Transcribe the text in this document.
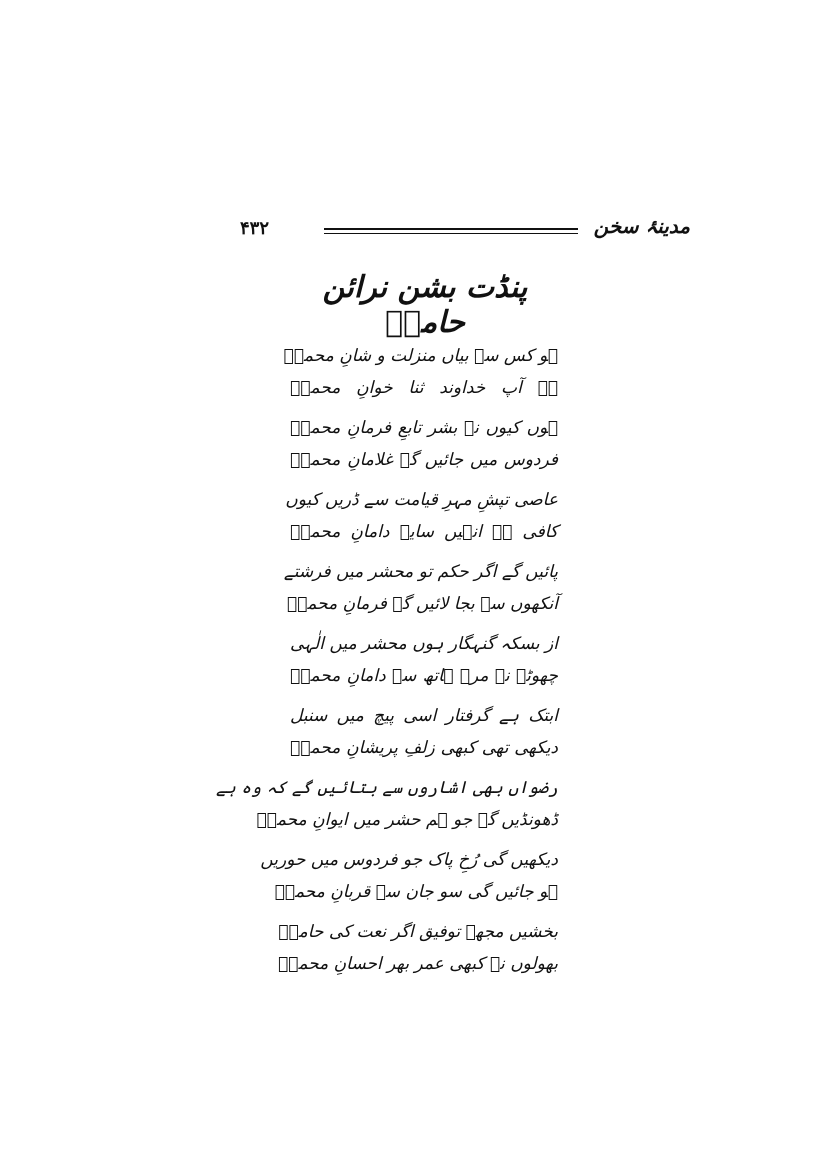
۴۳۲	مدینۂ سخن
پنڈت بشن نرائن حامیؔ
ہو کس سے بیاں منزلت و شانِ محمدؐ
ہے آپ خداوند ثنا خوانِ محمدؐ
ہوں کیوں نہ بشر تابعِ فرمانِ محمدؐ
فردوس میں جائیں گے غلامانِ محمدؐ
عاصی تپشِ مہرِ قیامت سے ڈریں کیوں
کافی ہے انہیں سایۂ دامانِ محمدؐ
پائیں گے اگر حکم تو محشر میں فرشتے
آنکھوں سے بجا لائیں گے فرمانِ محمدؐ
از بسکہ گنہگار ہوں محشر میں الٰہی
چھوٹے نہ مرے ہاتھ سے دامانِ محمدؐ
ابتک ہے گرفتار اسی پیچ میں سنبل
دیکھی تھی کبھی زلفِ پریشانِ محمدؐ
رضواں بھی اشاروں سے بتائیں گے کہ وہ ہے
ڈھونڈیں گے جو ہم حشر میں ایوانِ محمدؐ
دیکھیں گی رُخِ پاک جو فردوس میں حوریں
ہو جائیں گی سو جان سے قربانِ محمدؐ
بخشیں مجھے توفیق اگر نعت کی حامیؔ
بھولوں نہ کبھی عمر بھر احسانِ محمدؐ
